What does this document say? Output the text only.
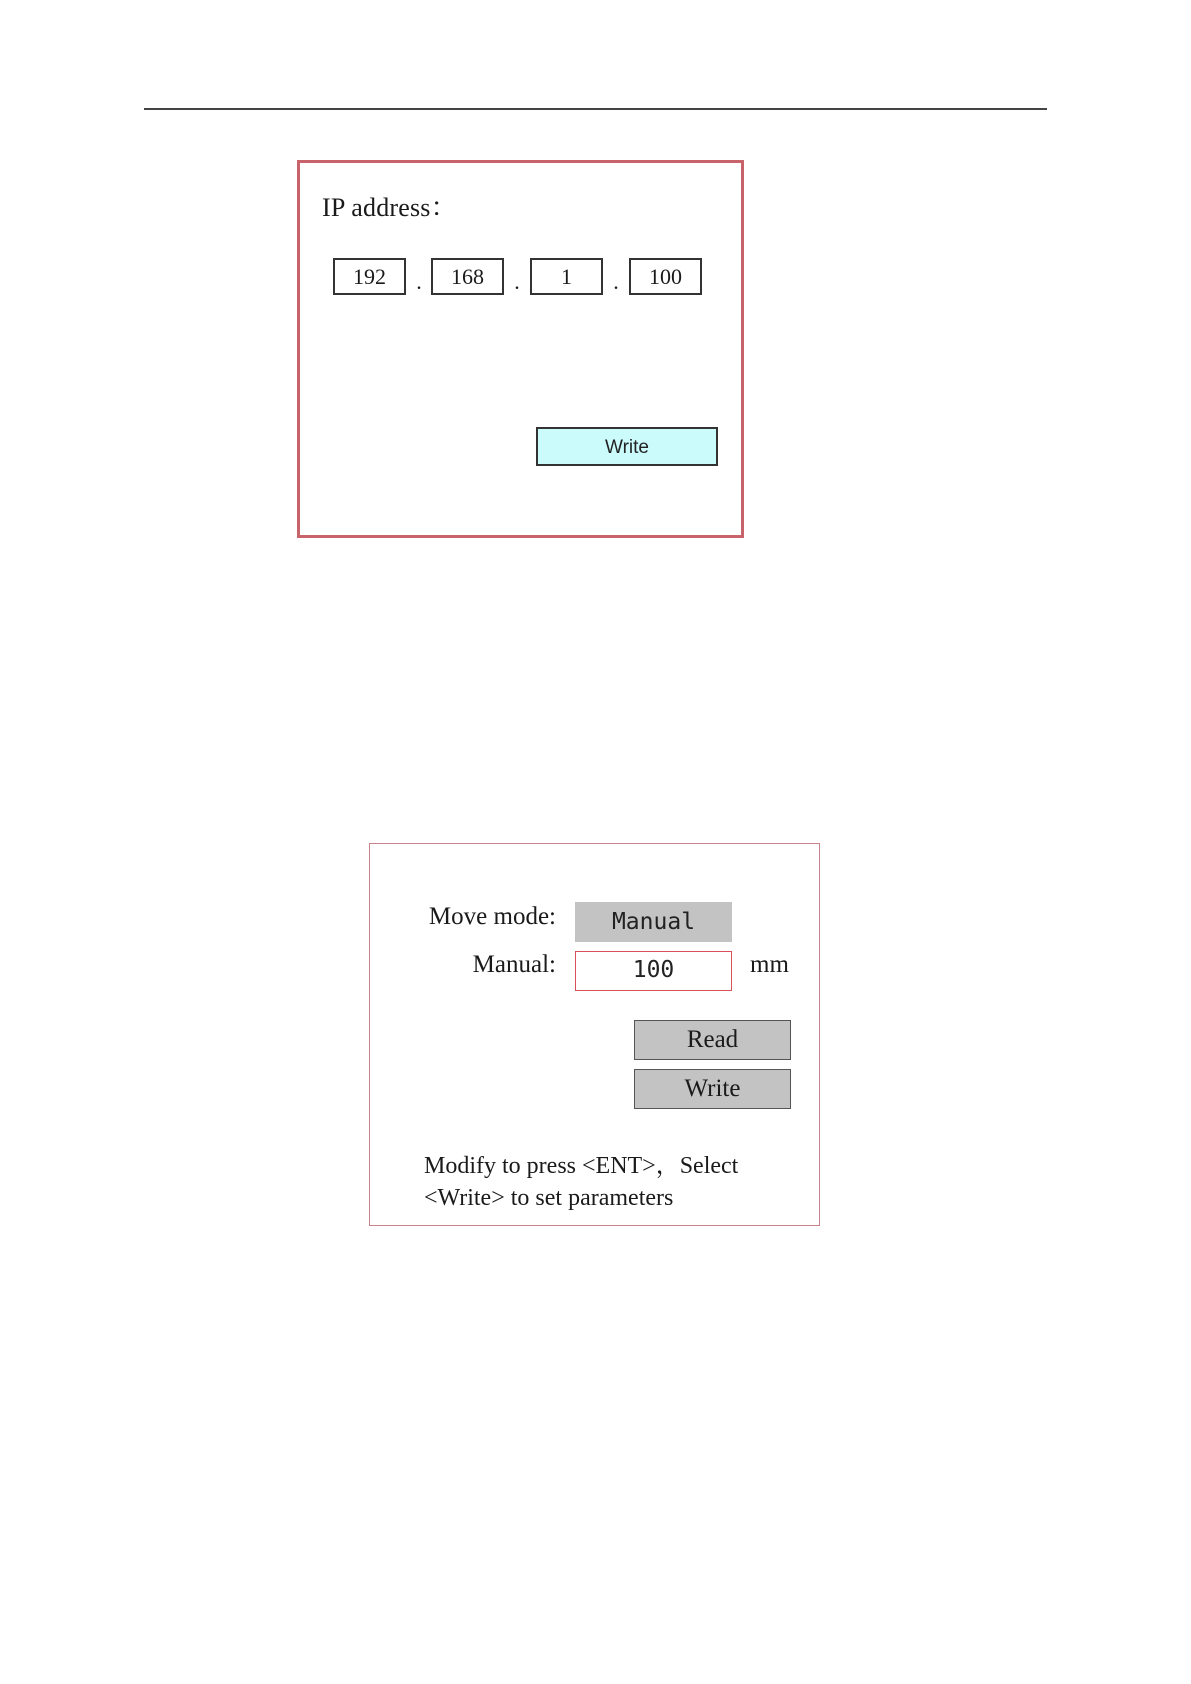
IP address：
192	.	168	.	1	.	100
Write
Move mode:	Manual
Manual:	100	mm
Read
Write
Modify to press <ENT>，Select
<Write> to set parameters
